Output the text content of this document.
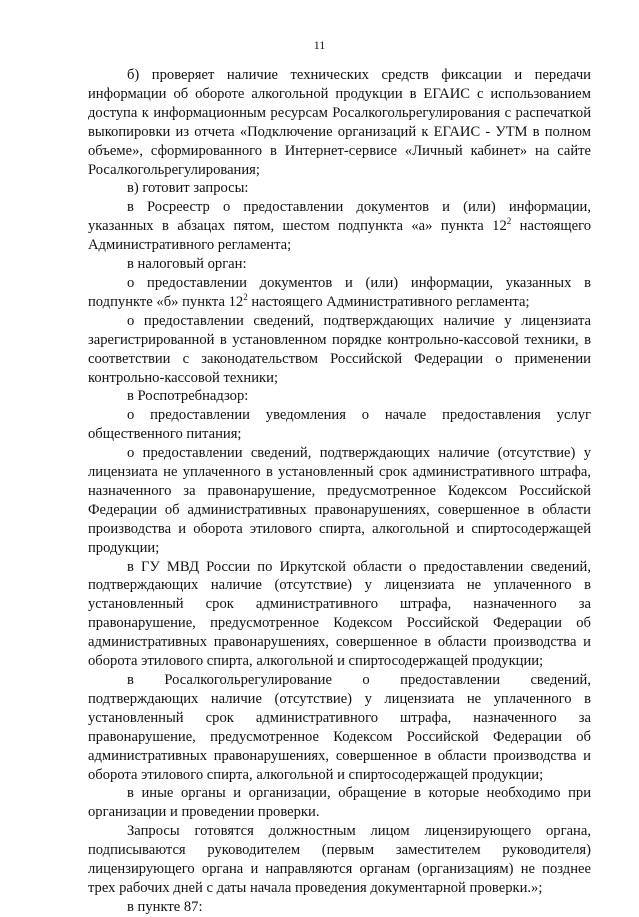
11

б) проверяет наличие технических средств фиксации и передачи информации об обороте алкогольной продукции в ЕГАИС с использованием доступа к информационным ресурсам Росалкогольрегулирования с распечаткой выкопировки из отчета «Подключение организаций к ЕГАИС - УТМ в полном объеме», сформированного в Интернет-сервисе «Личный кабинет» на сайте Росалкогольрегулирования;

в) готовит запросы:

в Росреестр о предоставлении документов и (или) информации, указанных в абзацах пятом, шестом подпункта «а» пункта $12^2$ настоящего Административного регламента;

в налоговый орган:

о предоставлении документов и (или) информации, указанных в подпункте «б» пункта $12^2$ настоящего Административного регламента;

о предоставлении сведений, подтверждающих наличие у лицензиата зарегистрированной в установленном порядке контрольно-кассовой техники, в соответствии с законодательством Российской Федерации о применении контрольно-кассовой техники;

в Роспотребнадзор:

о предоставлении уведомления о начале предоставления услуг общественного питания;

о предоставлении сведений, подтверждающих наличие (отсутствие) у лицензиата не уплаченного в установленный срок административного штрафа, назначенного за правонарушение, предусмотренное Кодексом Российской Федерации об административных правонарушениях, совершенное в области производства и оборота этилового спирта, алкогольной и спиртосодержащей продукции;

в ГУ МВД России по Иркутской области о предоставлении сведений, подтверждающих наличие (отсутствие) у лицензиата не уплаченного в установленный срок административного штрафа, назначенного за правонарушение, предусмотренное Кодексом Российской Федерации об административных правонарушениях, совершенное в области производства и оборота этилового спирта, алкогольной и спиртосодержащей продукции;

в Росалкогольрегулирование о предоставлении сведений, подтверждающих наличие (отсутствие) у лицензиата не уплаченного в установленный срок административного штрафа, назначенного за правонарушение, предусмотренное Кодексом Российской Федерации об административных правонарушениях, совершенное в области производства и оборота этилового спирта, алкогольной и спиртосодержащей продукции;

в иные органы и организации, обращение в которые необходимо при организации и проведении проверки.

Запросы готовятся должностным лицом лицензирующего органа, подписываются руководителем (первым заместителем руководителя) лицензирующего органа и направляются органам (организациям) не позднее трех рабочих дней с даты начала проведения документарной проверки.»;

в пункте 87:
